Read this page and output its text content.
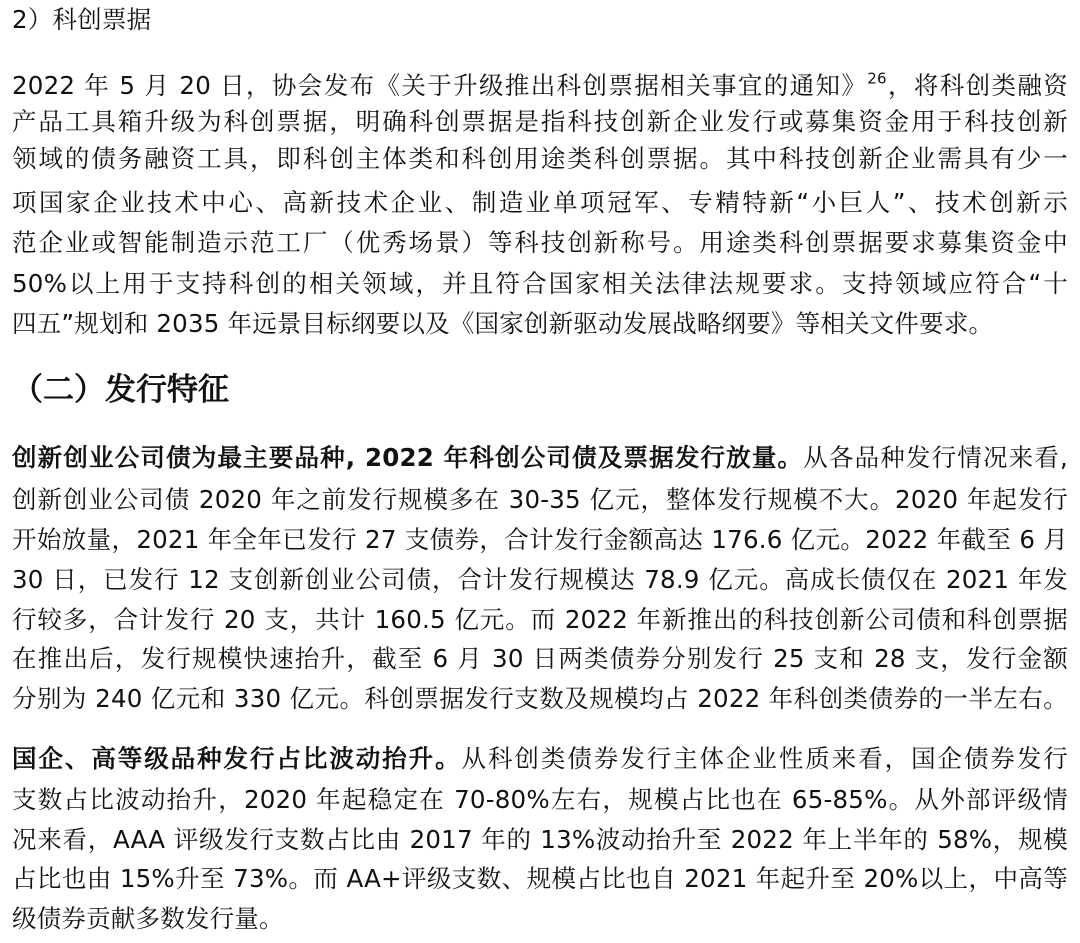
2）科创票据
2022 年 5 月 20 日，协会发布《关于升级推出科创票据相关事宜的通知》$^{26}$，将科创类融资
产品工具箱升级为科创票据，明确科创票据是指科技创新企业发行或募集资金用于科技创新
领域的债务融资工具，即科创主体类和科创用途类科创票据。其中科技创新企业需具有少一
项国家企业技术中心、高新技术企业、制造业单项冠军、专精特新“小巨人”、技术创新示
范企业或智能制造示范工厂（优秀场景）等科技创新称号。用途类科创票据要求募集资金中
50%以上用于支持科创的相关领域，并且符合国家相关法律法规要求。支持领域应符合“十
四五”规划和 2035 年远景目标纲要以及《国家创新驱动发展战略纲要》等相关文件要求。
（二）发行特征
创新创业公司债为最主要品种, 2022 年科创公司债及票据发行放量。从各品种发行情况来看,
创新创业公司债 2020 年之前发行规模多在 30-35 亿元，整体发行规模不大。2020 年起发行
开始放量，2021 年全年已发行 27 支债券，合计发行金额高达 176.6 亿元。2022 年截至 6 月
30 日，已发行 12 支创新创业公司债，合计发行规模达 78.9 亿元。高成长债仅在 2021 年发
行较多，合计发行 20 支，共计 160.5 亿元。而 2022 年新推出的科技创新公司债和科创票据
在推出后，发行规模快速抬升，截至 6 月 30 日两类债券分别发行 25 支和 28 支，发行金额
分别为 240 亿元和 330 亿元。科创票据发行支数及规模均占 2022 年科创类债券的一半左右。
国企、高等级品种发行占比波动抬升。从科创类债券发行主体企业性质来看，国企债券发行
支数占比波动抬升，2020 年起稳定在 70-80%左右，规模占比也在 65-85%。从外部评级情
况来看，AAA 评级发行支数占比由 2017 年的 13%波动抬升至 2022 年上半年的 58%，规模
占比也由 15%升至 73%。而 AA+评级支数、规模占比也自 2021 年起升至 20%以上，中高等
级债券贡献多数发行量。
